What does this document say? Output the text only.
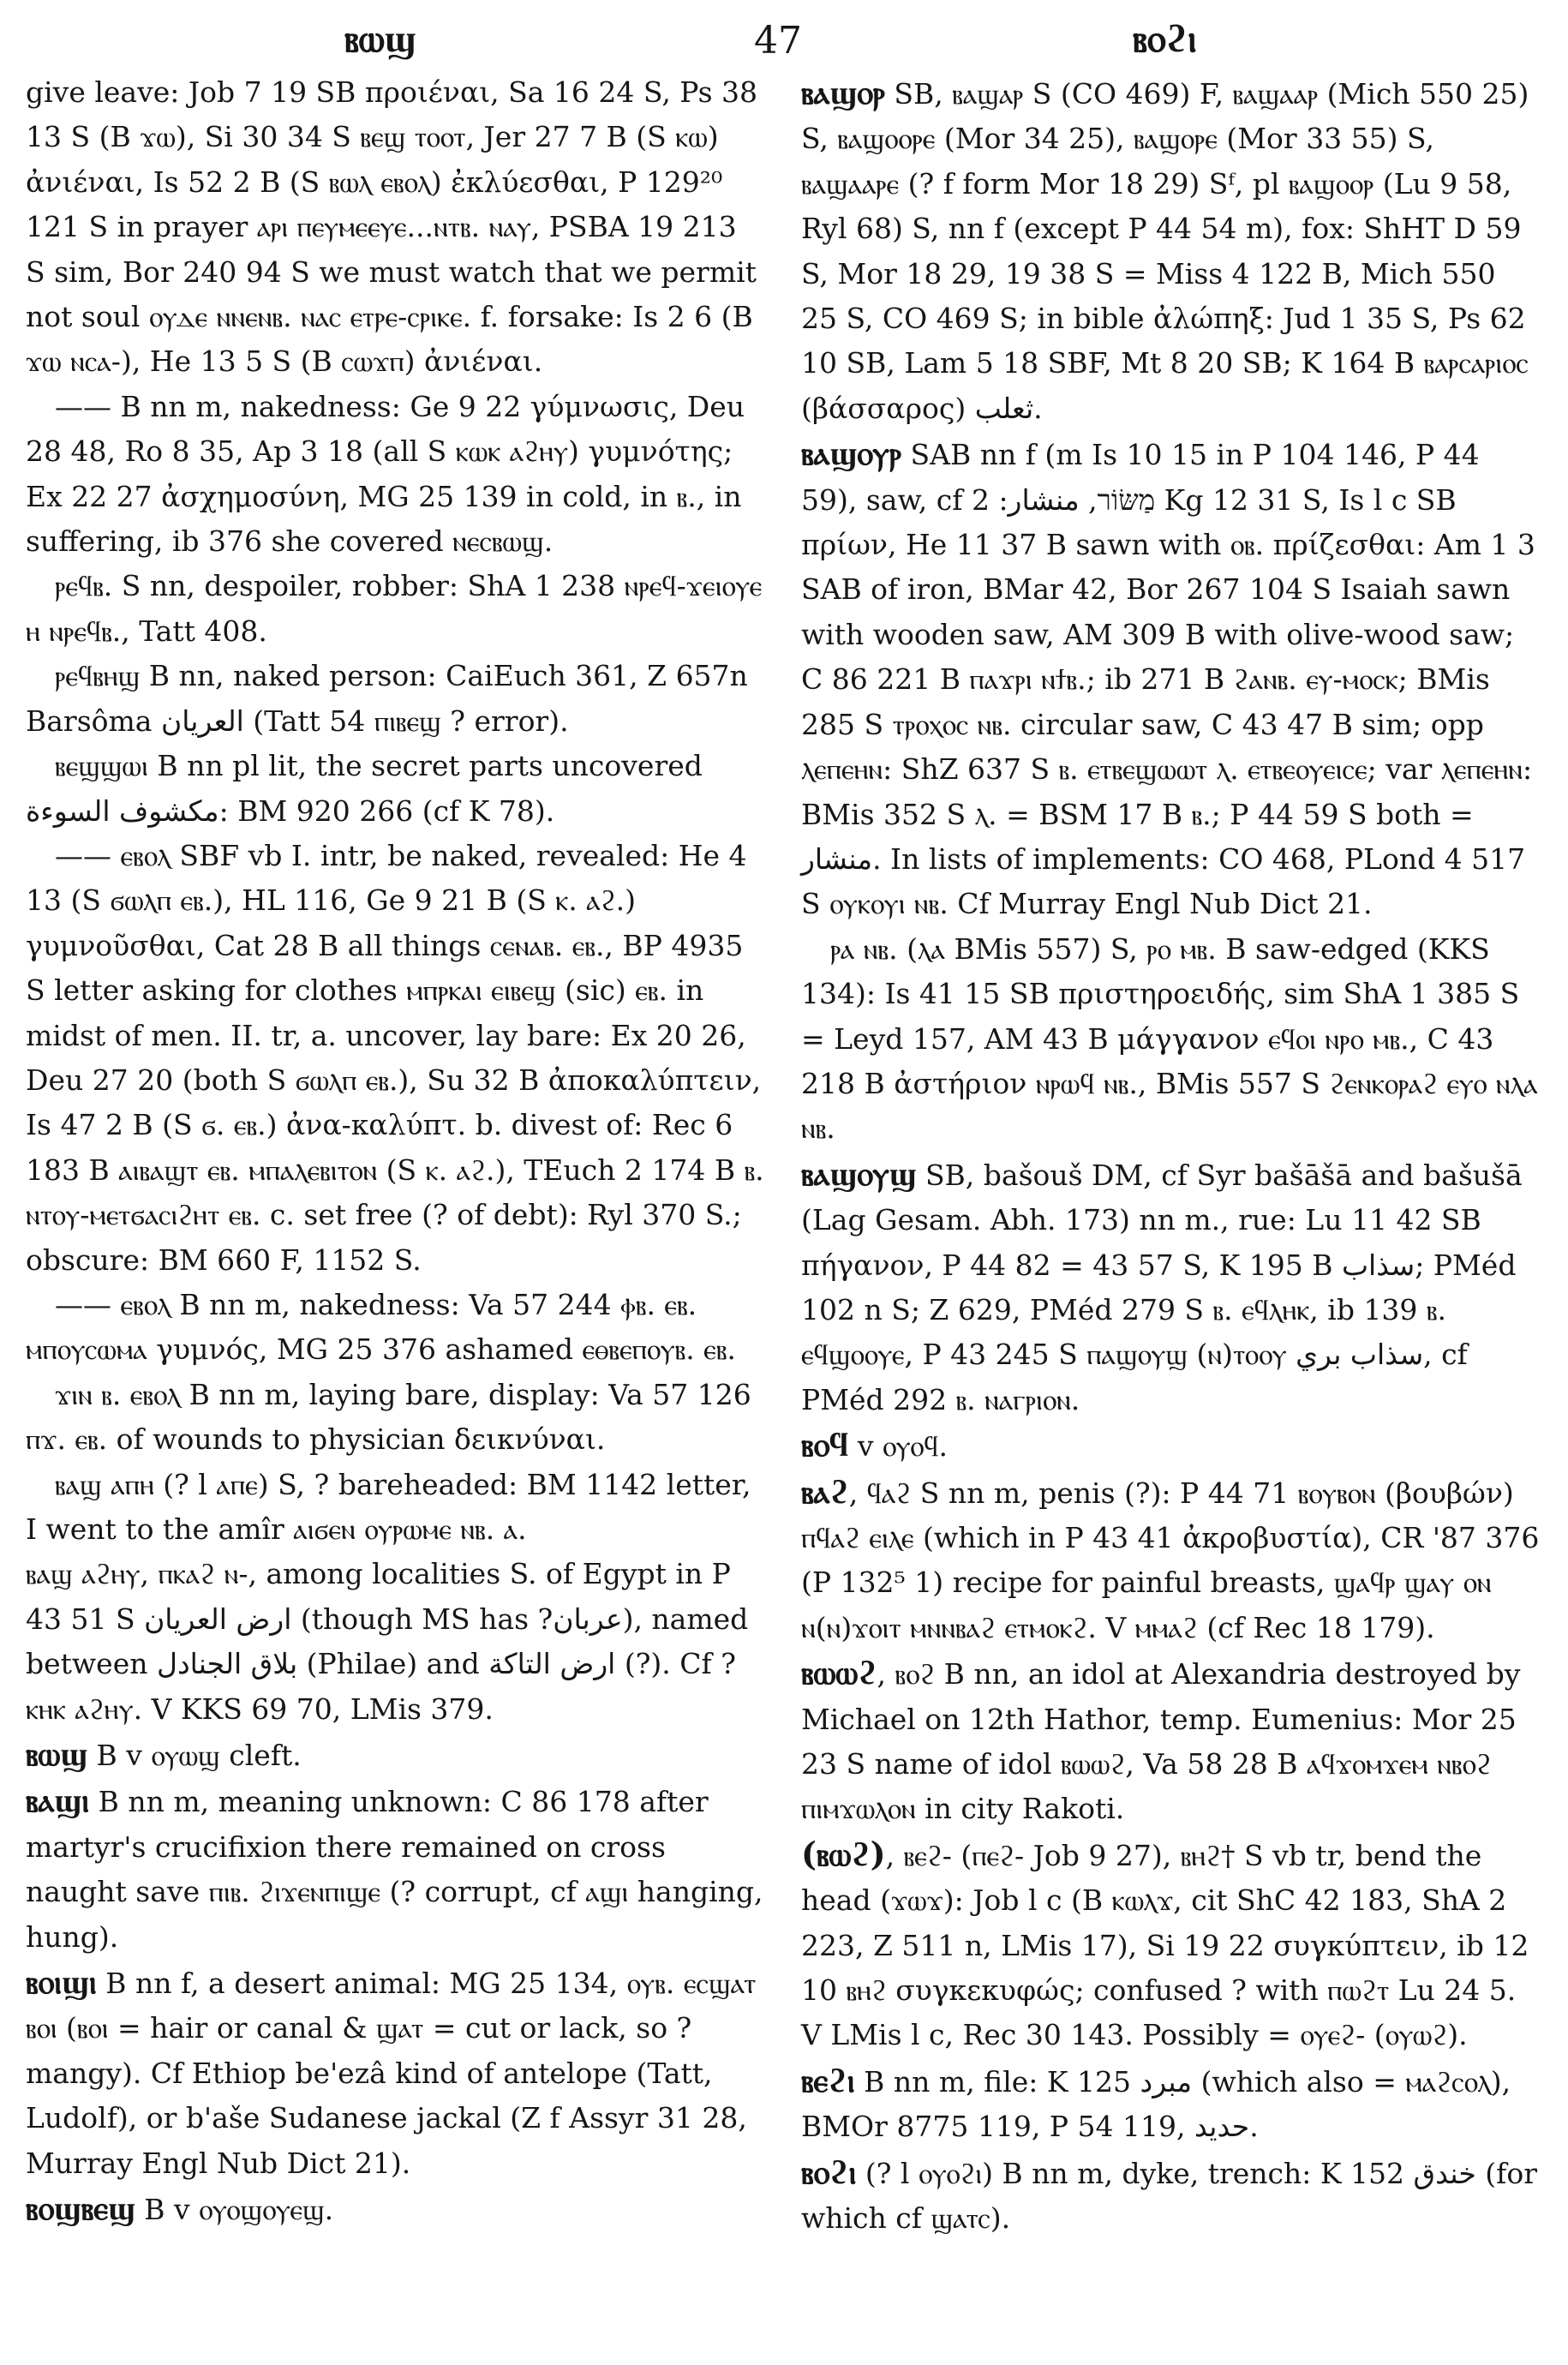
ⲃⲱϣ	47	ⲃⲟϩⲓ

give leave: Job 7 19 SB προιέναι, Sa 16 24 S, Ps 38 13 S (B ϫⲱ), Si 30 34 S ⲃⲉϣ ⲧⲟⲟⲧ, Jer 27 7 B (S ⲕⲱ) ἀνιέναι, Is 52 2 B (S ⲃⲱⲗ ⲉⲃⲟⲗ) ἐκλύεσθαι, P 129²⁰ 121 S in prayer ⲁⲣⲓ ⲡⲉⲩⲙⲉⲉⲩⲉ...ⲛⲧⲃ. ⲛⲁⲩ, PSBA 19 213 S sim, Bor 240 94 S we must watch that we permit not soul ⲟⲩⲇⲉ ⲛⲛⲉⲛⲃ. ⲛⲁⲥ ⲉⲧⲣⲉ-ⲥⲣⲓⲕⲉ. f. forsake: Is 2 6 (B ϫⲱ ⲛⲥⲁ-), He 13 5 S (B ⲥⲱϫⲡ) ἀνιέναι.

—— B nn m, nakedness: Ge 9 22 γύμνωσις, Deu 28 48, Ro 8 35, Ap 3 18 (all S ⲕⲱⲕ ⲁϩⲏⲩ) γυμνότης; Ex 22 27 ἀσχημοσύνη, MG 25 139 in cold, in ⲃ., in suffering, ib 376 she covered ⲛⲉⲥⲃⲱϣ.

ⲣⲉϥⲃ. S nn, despoiler, robber: ShA 1 238 ⲛⲣⲉϥ-ϫⲉⲓⲟⲩⲉ ⲏ ⲛⲣⲉϥⲃ., Tatt 408.

ⲣⲉϥⲃⲏϣ B nn, naked person: CaiEuch 361, Z 657n Barsôma العريان (Tatt 54 ⲡⲓⲃⲉϣ ? error).

ⲃⲉϣϣⲱⲓ B nn pl lit, the secret parts uncovered مكشوف السوءة: BM 920 266 (cf K 78).

—— ⲉⲃⲟⲗ SBF vb I. intr, be naked, revealed: He 4 13 (S ϭⲱⲗⲡ ⲉⲃ.), HL 116, Ge 9 21 B (S ⲕ. ⲁϩ.) γυμνοῦσθαι, Cat 28 B all things ⲥⲉⲛⲁⲃ. ⲉⲃ., BP 4935 S letter asking for clothes ⲙⲡⲣⲕⲁⲓ ⲉⲓⲃⲉϣ (sic) ⲉⲃ. in midst of men. II. tr, a. uncover, lay bare: Ex 20 26, Deu 27 20 (both S ϭⲱⲗⲡ ⲉⲃ.), Su 32 B ἀποκαλύπτειν, Is 47 2 B (S ϭ. ⲉⲃ.) ἀνα-καλύπτ. b. divest of: Rec 6 183 B ⲁⲓⲃⲁϣⲧ ⲉⲃ. ⲙⲡⲁⲗⲉⲃⲓⲧⲟⲛ (S ⲕ. ⲁϩ.), TEuch 2 174 B ⲃ. ⲛⲧⲟⲩ-ⲙⲉⲧϭⲁⲥⲓϩⲏⲧ ⲉⲃ. c. set free (? of debt): Ryl 370 S.; obscure: BM 660 F, 1152 S.

—— ⲉⲃⲟⲗ B nn m, nakedness: Va 57 244 ⲫⲃ. ⲉⲃ. ⲙⲡⲟⲩⲥⲱⲙⲁ γυμνός, MG 25 376 ashamed ⲉⲑⲃⲉⲡⲟⲩⲃ. ⲉⲃ.

ϫⲓⲛ ⲃ. ⲉⲃⲟⲗ B nn m, laying bare, display: Va 57 126 ⲡϫ. ⲉⲃ. of wounds to physician δεικνύναι.

ⲃⲁϣ ⲁⲡⲏ (? l ⲁⲡⲉ) S, ? bareheaded: BM 1142 letter, I went to the amîr ⲁⲓϭⲉⲛ ⲟⲩⲣⲱⲙⲉ ⲛⲃ. ⲁ.

ⲃⲁϣ ⲁϩⲏⲩ, ⲡⲕⲁϩ ⲛ-, among localities S. of Egypt in P 43 51 S ارض العريان (though MS has ?عربان), named between بلاق الجنادل (Philae) and ارض التاكة (?). Cf ? ⲕⲏⲕ ⲁϩⲏⲩ. V KKS 69 70, LMis 379.

ⲃⲱϣ B v ⲟⲩⲱϣ cleft.

ⲃⲁϣⲓ B nn m, meaning unknown: C 86 178 after martyr's crucifixion there remained on cross naught save ⲡⲓⲃ. ϩⲓϫⲉⲛⲡⲓϣⲉ (? corrupt, cf ⲁϣⲓ hanging, hung).

ⲃⲟⲓϣⲓ B nn f, a desert animal: MG 25 134, ⲟⲩⲃ. ⲉⲥϣⲁⲧ ⲃⲟⲓ (ⲃⲟⲓ = hair or canal & ϣⲁⲧ = cut or lack, so ? mangy). Cf Ethiop be'ezâ kind of antelope (Tatt, Ludolf), or b'aše Sudanese jackal (Z f Assyr 31 28, Murray Engl Nub Dict 21).

ⲃⲟϣⲃⲉϣ B v ⲟⲩⲟϣⲟⲩⲉϣ.

ⲃⲁϣⲟⲣ SB, ⲃⲁϣⲁⲣ S (CO 469) F, ⲃⲁϣⲁⲁⲣ (Mich 550 25) S, ⲃⲁϣⲟⲟⲣⲉ (Mor 34 25), ⲃⲁϣⲟⲣⲉ (Mor 33 55) S, ⲃⲁϣⲁⲁⲣⲉ (? f form Mor 18 29) Sᶠ, pl ⲃⲁϣⲟⲟⲣ (Lu 9 58, Ryl 68) S, nn f (except P 44 54 m), fox: ShHT D 59 S, Mor 18 29, 19 38 S = Miss 4 122 B, Mich 550 25 S, CO 469 S; in bible ἀλώπηξ: Jud 1 35 S, Ps 62 10 SB, Lam 5 18 SBF, Mt 8 20 SB; K 164 B ⲃⲁⲣⲥⲁⲣⲓⲟⲥ (βάσσαρος) ثعلب.

ⲃⲁϣⲟⲩⲣ SAB nn f (m Is 10 15 in P 104 146, P 44 59), saw, cf מַשּׂוֹר, منشار: 2 Kg 12 31 S, Is l c SB πρίων, He 11 37 B sawn with ⲟⲃ. πρίζεσθαι: Am 1 3 SAB of iron, BMar 42, Bor 267 104 S Isaiah sawn with wooden saw, AM 309 B with olive-wood saw; C 86 221 B ⲡⲁϫⲣⲓ ⲛϯⲃ.; ib 271 B ϩⲁⲛⲃ. ⲉⲩ-ⲙⲟⲥⲕ; BMis 285 S ⲧⲣⲟⲭⲟⲥ ⲛⲃ. circular saw, C 43 47 B sim; opp ⲗⲉⲡⲉⲏⲛ: ShZ 637 S ⲃ. ⲉⲧⲃⲉϣⲱⲱⲧ ⲗ. ⲉⲧⲃⲉⲟⲩⲉⲓⲥⲉ; var ⲗⲉⲡⲉⲏⲛ: BMis 352 S ⲗ. = BSM 17 B ⲃ.; P 44 59 S both = منشار. In lists of implements: CO 468, PLond 4 517 S ⲟⲩⲕⲟⲩⲓ ⲛⲃ. Cf Murray Engl Nub Dict 21.

ⲣⲁ ⲛⲃ. (ⲗⲁ BMis 557) S, ⲣⲟ ⲙⲃ. B saw-edged (KKS 134): Is 41 15 SB πριστηροειδής, sim ShA 1 385 S = Leyd 157, AM 43 B μάγγανον ⲉϥⲟⲓ ⲛⲣⲟ ⲙⲃ., C 43 218 B ἀστήριον ⲛⲣⲱϥ ⲛⲃ., BMis 557 S ϩⲉⲛⲕⲟⲣⲁϩ ⲉⲩⲟ ⲛⲗⲁ ⲛⲃ.

ⲃⲁϣⲟⲩϣ SB, bašouš DM, cf Syr bašāšā and bašušā (Lag Gesam. Abh. 173) nn m., rue: Lu 11 42 SB πήγανον, P 44 82 = 43 57 S, K 195 B سذاب; PMéd 102 n S; Z 629, PMéd 279 S ⲃ. ⲉϥⲗⲏⲕ, ib 139 ⲃ. ⲉϥϣⲟⲟⲩⲉ, P 43 245 S ⲡⲁϣⲟⲩϣ (ⲛ)ⲧⲟⲟⲩ سذاب بري, cf PMéd 292 ⲃ. ⲛⲁⲅⲣⲓⲟⲛ.

ⲃⲟϥ v ⲟⲩⲟϥ.

ⲃⲁϩ, ϥⲁϩ S nn m, penis (?): P 44 71 ⲃⲟⲩⲃⲟⲛ (βουβών) ⲡϥⲁϩ ⲉⲓⲗⲉ (which in P 43 41 ἀκροβυστία), CR '87 376 (P 132⁵ 1) recipe for painful breasts, ϣⲁϥⲣ ϣⲁⲩ ⲟⲛ ⲛ(ⲛ)ϫⲟⲓⲧ ⲙⲛⲛⲃⲁϩ ⲉⲧⲙⲟⲕϩ. V ⲙⲙⲁϩ (cf Rec 18 179).

ⲃⲱⲱϩ, ⲃⲟϩ B nn, an idol at Alexandria destroyed by Michael on 12th Hathor, temp. Eumenius: Mor 25 23 S name of idol ⲃⲱⲱϩ, Va 58 28 B ⲁϥϫⲟⲙϫⲉⲙ ⲛⲃⲟϩ ⲡⲓⲙϫⲱⲗⲟⲛ in city Rakoti.

(ⲃⲱϩ), ⲃⲉϩ- (ⲡⲉϩ- Job 9 27), ⲃⲏϩ† S vb tr, bend the head (ϫⲱϫ): Job l c (B ⲕⲱⲗϫ, cit ShC 42 183, ShA 2 223, Z 511 n, LMis 17), Si 19 22 συγκύπτειν, ib 12 10 ⲃⲏϩ συγκεκυφώς; confused ? with ⲡⲱϩⲧ Lu 24 5. V LMis l c, Rec 30 143. Possibly = ⲟⲩⲉϩ- (ⲟⲩⲱϩ).

ⲃⲉϩⲓ B nn m, file: K 125 مبرد (which also = ⲙⲁϩⲥⲟⲗ), BMOr 8775 119, P 54 119, حديد.

ⲃⲟϩⲓ (? l ⲟⲩⲟϩⲓ) B nn m, dyke, trench: K 152 خندق (for which cf ϣⲁⲧⲥ).
